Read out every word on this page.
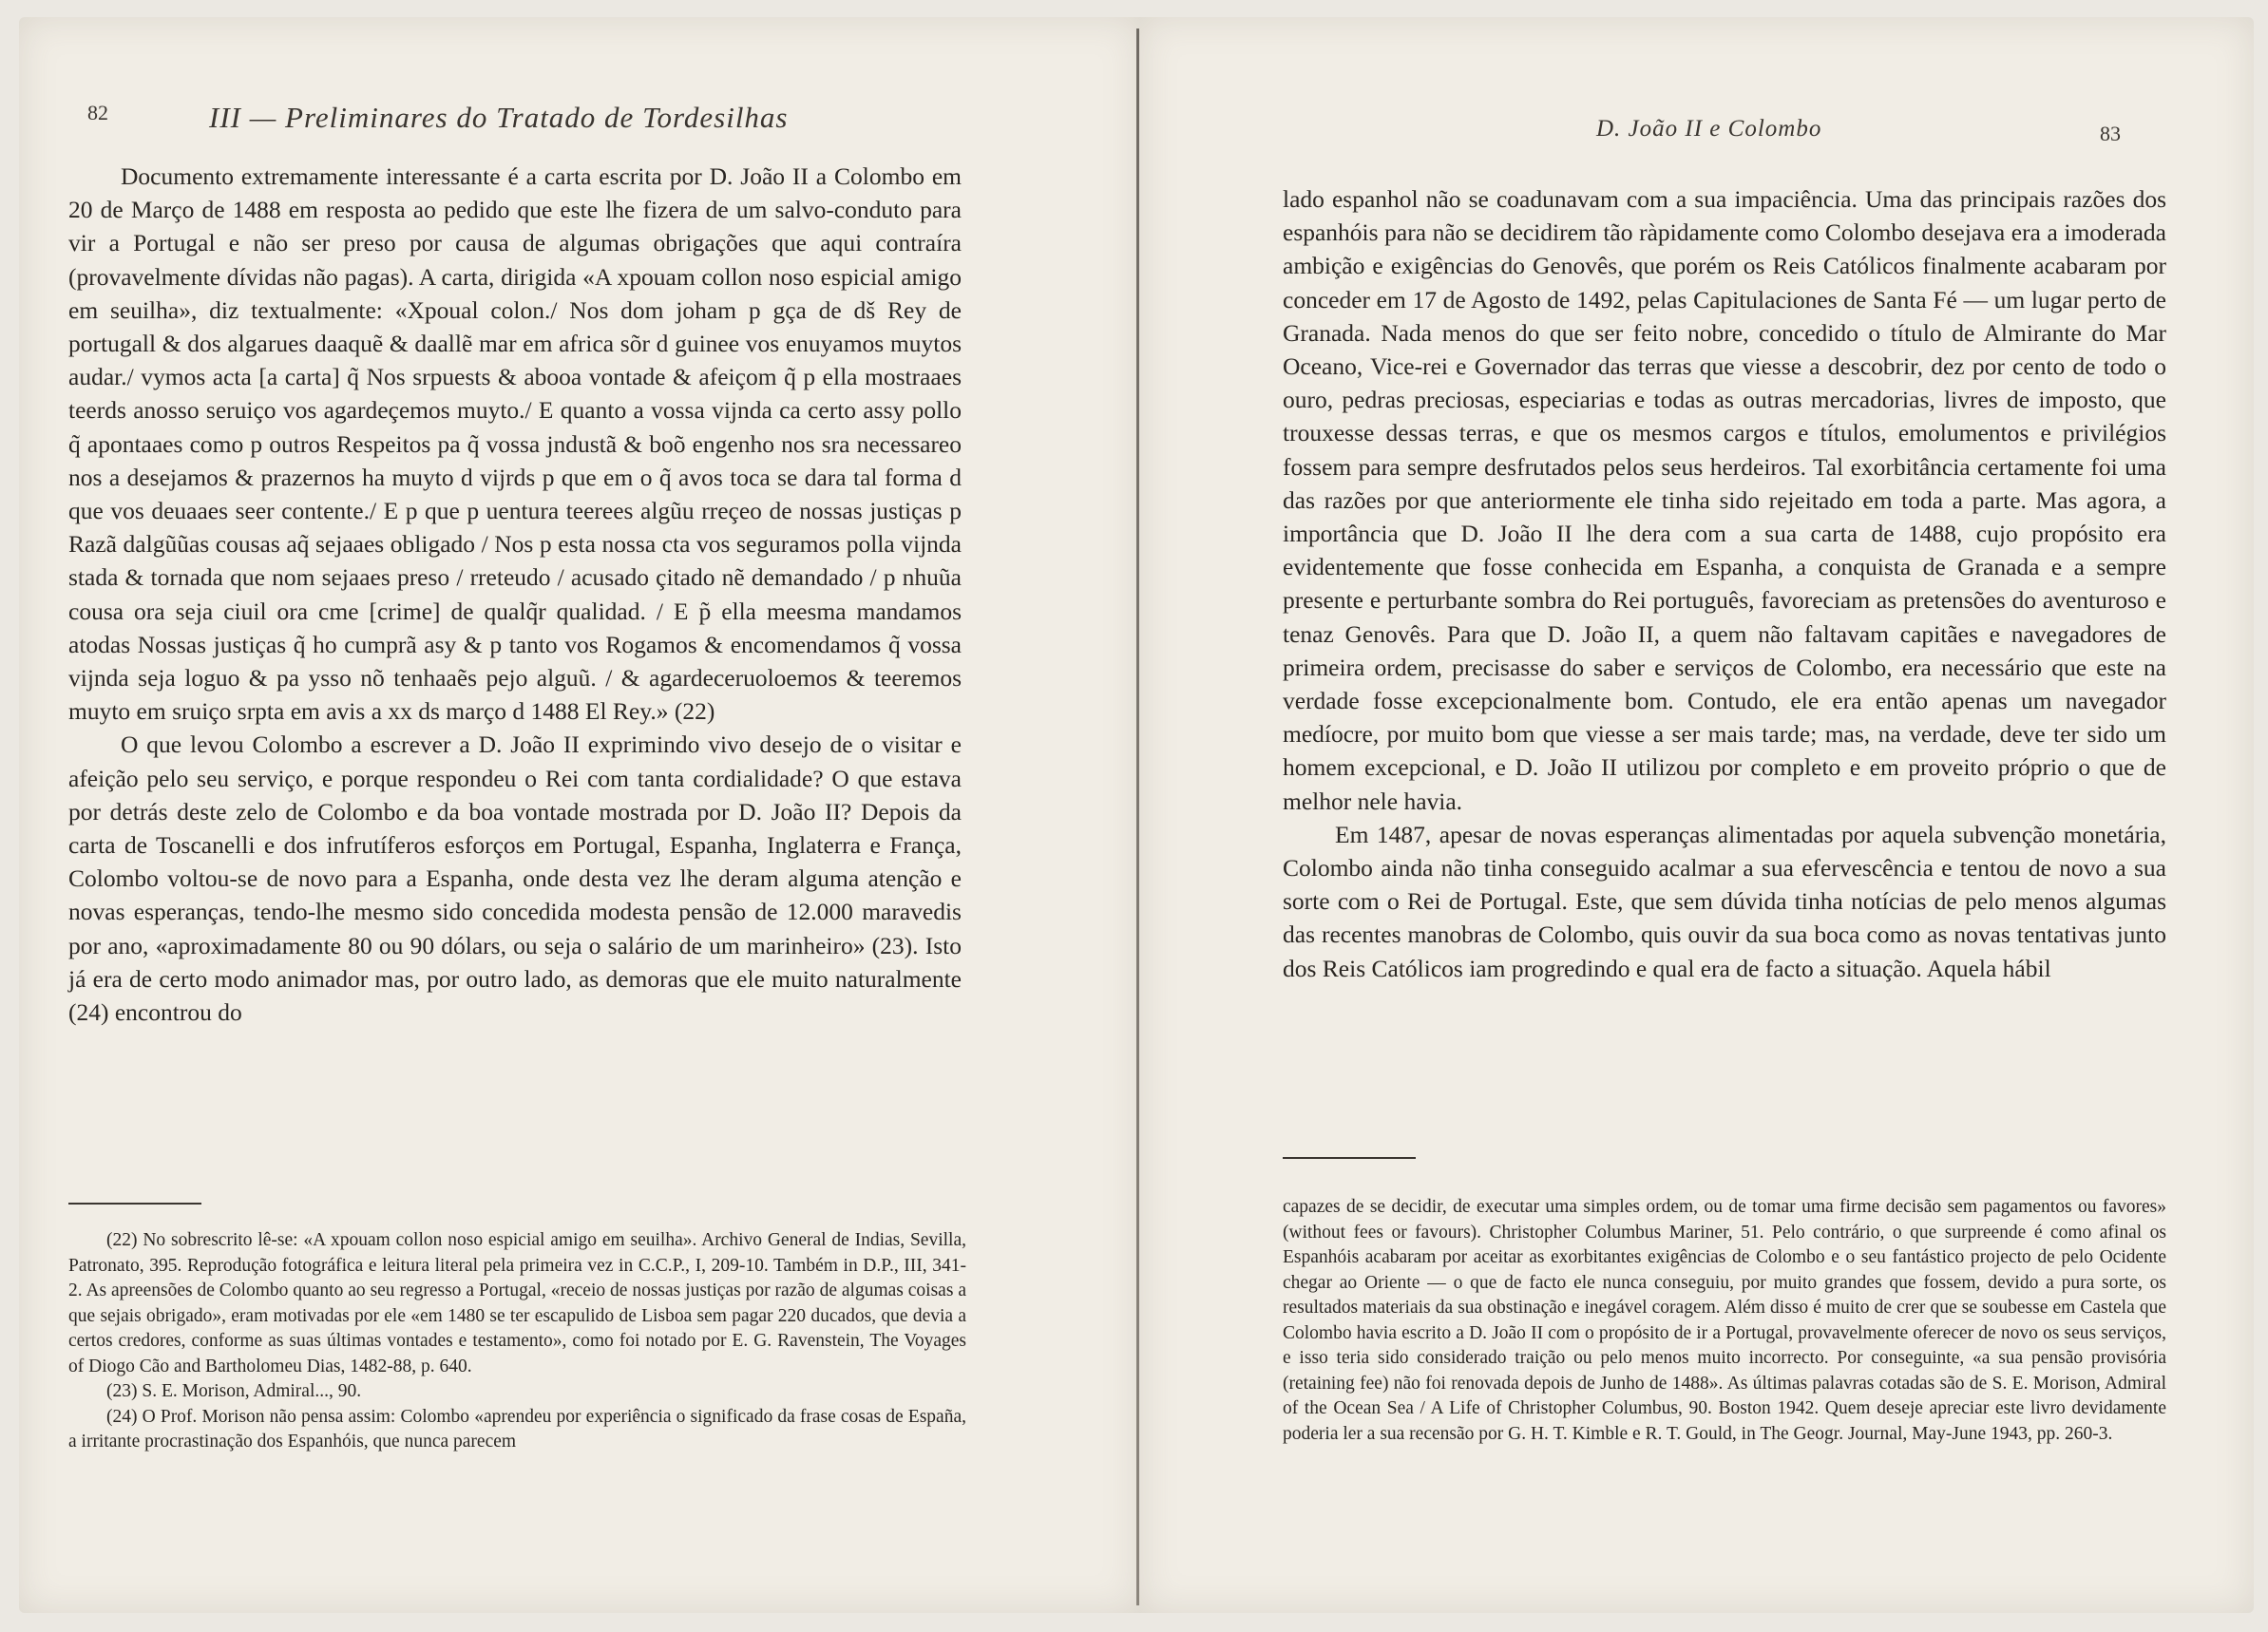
82	III — Preliminares do Tratado de Tordesilhas

Documento extremamente interessante é a carta escrita por D. João II a Colombo em 20 de Março de 1488 em resposta ao pedido que este lhe fizera de um salvo-conduto para vir a Portugal e não ser preso por causa de algumas obrigações que aqui contraíra (provavelmente dívidas não pagas). A carta, dirigida «A xpouam collon noso espicial amigo em seuilha», diz textualmente: «Xpoual colon./ Nos dom joham p gça de dš Rey de portugall & dos algarues daaquẽ & daallẽ mar em africa sõr d guinee vos enuyamos muytos audar./ vymos acta [a carta] q̃ Nos srpuests & abooa vontade & afeiçom q̃ p ella mostraaes teerds anosso seruiço vos agardeçemos muyto./ E quanto a vossa vijnda ca certo assy pollo q̃ apontaaes como p outros Respeitos pa q̃ vossa jndustã & boõ engenho nos sra necessareo nos a desejamos & prazernos ha muyto d vijrds p que em o q̃ avos toca se dara tal forma d que vos deuaaes seer contente./ E p que p uentura teerees algũu rreçeo de nossas justiças p Razã dalgũũas cousas aq̃ sejaaes obligado / Nos p esta nossa cta vos seguramos polla vijnda stada & tornada que nom sejaaes preso / rreteudo / acusado çitado nẽ demandado / p nhuũa cousa ora seja ciuil ora cme [crime] de qualq̃r qualidad. / E p̃ ella meesma mandamos atodas Nossas justiças q̃ ho cumprã asy & p tanto vos Rogamos & encomendamos q̃ vossa vijnda seja loguo & pa ysso nõ tenhaaẽs pejo alguũ. / & agardeceruoloemos & teeremos muyto em sruiço srpta em avis a xx ds março d 1488 El Rey.» (22)

O que levou Colombo a escrever a D. João II exprimindo vivo desejo de o visitar e afeição pelo seu serviço, e porque respondeu o Rei com tanta cordialidade? O que estava por detrás deste zelo de Colombo e da boa vontade mostrada por D. João II? Depois da carta de Toscanelli e dos infrutíferos esforços em Portugal, Espanha, Inglaterra e França, Colombo voltou-se de novo para a Espanha, onde desta vez lhe deram alguma atenção e novas esperanças, tendo-lhe mesmo sido concedida modesta pensão de 12.000 maravedis por ano, «aproximadamente 80 ou 90 dólars, ou seja o salário de um marinheiro» (23). Isto já era de certo modo animador mas, por outro lado, as demoras que ele muito naturalmente (24) encontrou do

(22) No sobrescrito lê-se: «A xpouam collon noso espicial amigo em seuilha». Archivo General de Indias, Sevilla, Patronato, 395. Reprodução fotográfica e leitura literal pela primeira vez in C.C.P., I, 209-10. Também in D.P., III, 341-2. As apreensões de Colombo quanto ao seu regresso a Portugal, «receio de nossas justiças por razão de algumas coisas a que sejais obrigado», eram motivadas por ele «em 1480 se ter escapulido de Lisboa sem pagar 220 ducados, que devia a certos credores, conforme as suas últimas vontades e testamento», como foi notado por E. G. Ravenstein, The Voyages of Diogo Cão and Bartholomeu Dias, 1482-88, p. 640.

(23) S. E. Morison, Admiral..., 90.

(24) O Prof. Morison não pensa assim: Colombo «aprendeu por experiência o significado da frase cosas de España, a irritante procrastinação dos Espanhóis, que nunca parecem

D. João II e Colombo	83

lado espanhol não se coadunavam com a sua impaciência. Uma das principais razões dos espanhóis para não se decidirem tão ràpidamente como Colombo desejava era a imoderada ambição e exigências do Genovês, que porém os Reis Católicos finalmente acabaram por conceder em 17 de Agosto de 1492, pelas Capitulaciones de Santa Fé — um lugar perto de Granada. Nada menos do que ser feito nobre, concedido o título de Almirante do Mar Oceano, Vice-rei e Governador das terras que viesse a descobrir, dez por cento de todo o ouro, pedras preciosas, especiarias e todas as outras mercadorias, livres de imposto, que trouxesse dessas terras, e que os mesmos cargos e títulos, emolumentos e privilégios fossem para sempre desfrutados pelos seus herdeiros. Tal exorbitância certamente foi uma das razões por que anteriormente ele tinha sido rejeitado em toda a parte. Mas agora, a importância que D. João II lhe dera com a sua carta de 1488, cujo propósito era evidentemente que fosse conhecida em Espanha, a conquista de Granada e a sempre presente e perturbante sombra do Rei português, favoreciam as pretensões do aventuroso e tenaz Genovês. Para que D. João II, a quem não faltavam capitães e navegadores de primeira ordem, precisasse do saber e serviços de Colombo, era necessário que este na verdade fosse excepcionalmente bom. Contudo, ele era então apenas um navegador medíocre, por muito bom que viesse a ser mais tarde; mas, na verdade, deve ter sido um homem excepcional, e D. João II utilizou por completo e em proveito próprio o que de melhor nele havia.

Em 1487, apesar de novas esperanças alimentadas por aquela subvenção monetária, Colombo ainda não tinha conseguido acalmar a sua efervescência e tentou de novo a sua sorte com o Rei de Portugal. Este, que sem dúvida tinha notícias de pelo menos algumas das recentes manobras de Colombo, quis ouvir da sua boca como as novas tentativas junto dos Reis Católicos iam progredindo e qual era de facto a situação. Aquela hábil

capazes de se decidir, de executar uma simples ordem, ou de tomar uma firme decisão sem pagamentos ou favores» (without fees or favours). Christopher Columbus Mariner, 51. Pelo contrário, o que surpreende é como afinal os Espanhóis acabaram por aceitar as exorbitantes exigências de Colombo e o seu fantástico projecto de pelo Ocidente chegar ao Oriente — o que de facto ele nunca conseguiu, por muito grandes que fossem, devido a pura sorte, os resultados materiais da sua obstinação e inegável coragem. Além disso é muito de crer que se soubesse em Castela que Colombo havia escrito a D. João II com o propósito de ir a Portugal, provavelmente oferecer de novo os seus serviços, e isso teria sido considerado traição ou pelo menos muito incorrecto. Por conseguinte, «a sua pensão provisória (retaining fee) não foi renovada depois de Junho de 1488». As últimas palavras cotadas são de S. E. Morison, Admiral of the Ocean Sea / A Life of Christopher Columbus, 90. Boston 1942. Quem deseje apreciar este livro devidamente poderia ler a sua recensão por G. H. T. Kimble e R. T. Gould, in The Geogr. Journal, May-June 1943, pp. 260-3.
